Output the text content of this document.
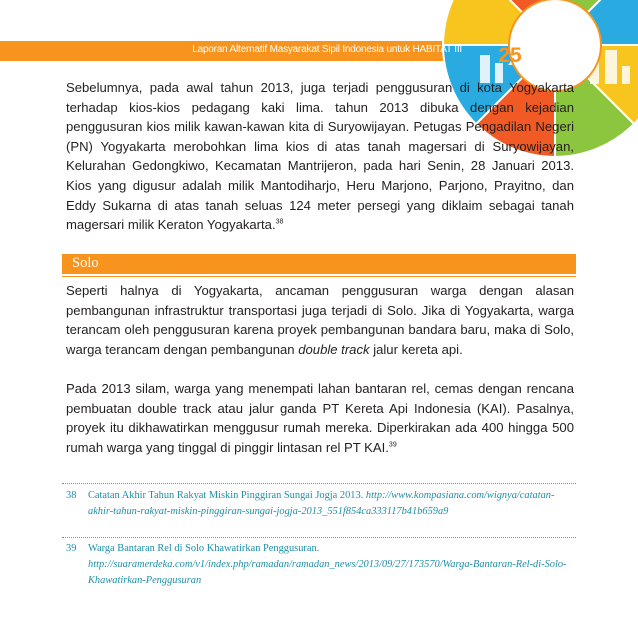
25
Laporan Alternatif Masyarakat Sipil Indonesia untuk HABITAT III

Sebelumnya, pada awal tahun 2013, juga terjadi penggusuran di kota Yogyakarta terhadap kios-kios pedagang kaki lima. tahun 2013 dibuka dengan kejadian penggusuran kios milik kawan-kawan kita di Suryowijayan. Petugas Pengadilan Negeri (PN) Yogyakarta merobohkan lima kios di atas tanah magersari di Suryowijayan, Kelurahan Gedongkiwo, Kecamatan Mantrijeron, pada hari Senin, 28 Januari 2013. Kios yang digusur adalah milik Mantodiharjo, Heru Marjono, Parjono, Prayitno, dan Eddy Sukarna di atas tanah seluas 124 meter persegi yang diklaim sebagai tanah magersari milik Keraton Yogyakarta.$^{38}$

Solo

Seperti halnya di Yogyakarta, ancaman penggusuran warga dengan alasan pembangunan infrastruktur transportasi juga terjadi di Solo. Jika di Yogyakarta, warga terancam oleh penggusuran karena proyek pembangunan bandara baru, maka di Solo, warga terancam dengan pembangunan double track jalur kereta api.

Pada 2013 silam, warga yang menempati lahan bantaran rel, cemas dengan rencana pembuatan double track atau jalur ganda PT Kereta Api Indonesia (KAI). Pasalnya, proyek itu dikhawatirkan menggusur rumah mereka. Diperkirakan ada 400 hingga 500 rumah warga yang tinggal di pinggir lintasan rel PT KAI.$^{39}$

38 Catatan Akhir Tahun Rakyat Miskin Pinggiran Sungai Jogja 2013. http://www.kompasiana.com/wignya/catatan-akhir-tahun-rakyat-miskin-pinggiran-sungai-jogja-2013_551f854ca333117b41b659a9
39 Warga Bantaran Rel di Solo Khawatirkan Penggusuran. http://suaramerdeka.com/v1/index.php/ramadan/ramadan_news/2013/09/27/173570/Warga-Bantaran-Rel-di-Solo-Khawatirkan-Penggusuran
